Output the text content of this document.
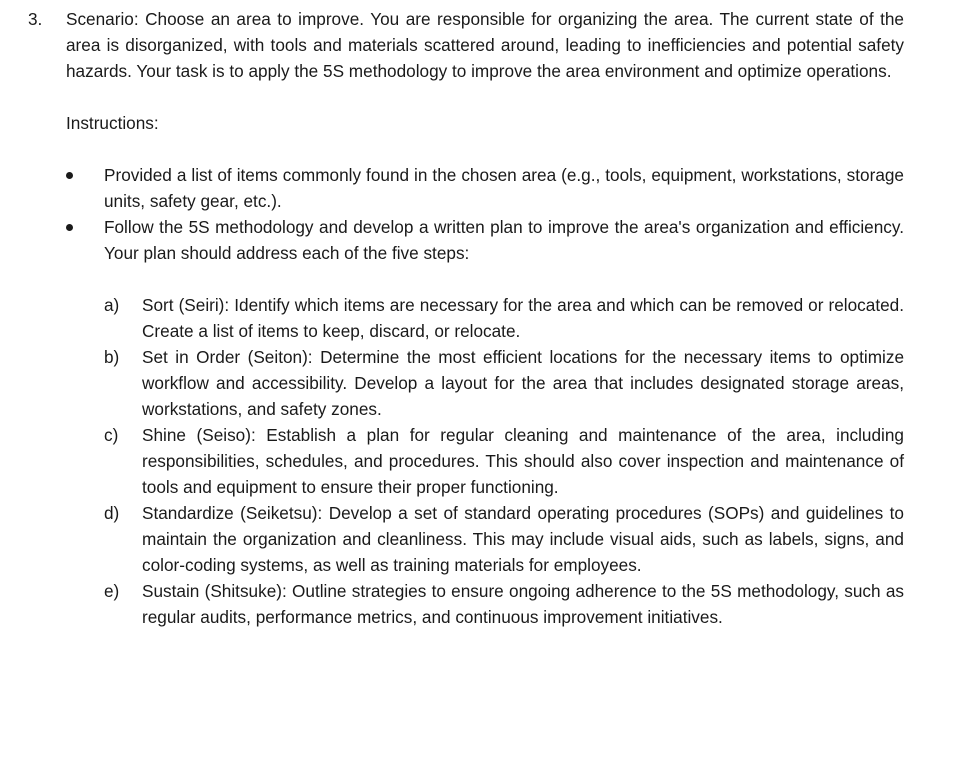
3.	Scenario: Choose an area to improve. You are responsible for organizing the area. The current state of the area is disorganized, with tools and materials scattered around, leading to inefficiencies and potential safety hazards. Your task is to apply the 5S methodology to improve the area environment and optimize operations.

Instructions:

Provided a list of items commonly found in the chosen area (e.g., tools, equipment, workstations, storage units, safety gear, etc.).

Follow the 5S methodology and develop a written plan to improve the area's organization and efficiency. Your plan should address each of the five steps:

a) Sort (Seiri): Identify which items are necessary for the area and which can be removed or relocated. Create a list of items to keep, discard, or relocate.

b) Set in Order (Seiton): Determine the most efficient locations for the necessary items to optimize workflow and accessibility. Develop a layout for the area that includes designated storage areas, workstations, and safety zones.

c) Shine (Seiso): Establish a plan for regular cleaning and maintenance of the area, including responsibilities, schedules, and procedures. This should also cover inspection and maintenance of tools and equipment to ensure their proper functioning.

d) Standardize (Seiketsu): Develop a set of standard operating procedures (SOPs) and guidelines to maintain the organization and cleanliness. This may include visual aids, such as labels, signs, and color-coding systems, as well as training materials for employees.

e) Sustain (Shitsuke): Outline strategies to ensure ongoing adherence to the 5S methodology, such as regular audits, performance metrics, and continuous improvement initiatives.
